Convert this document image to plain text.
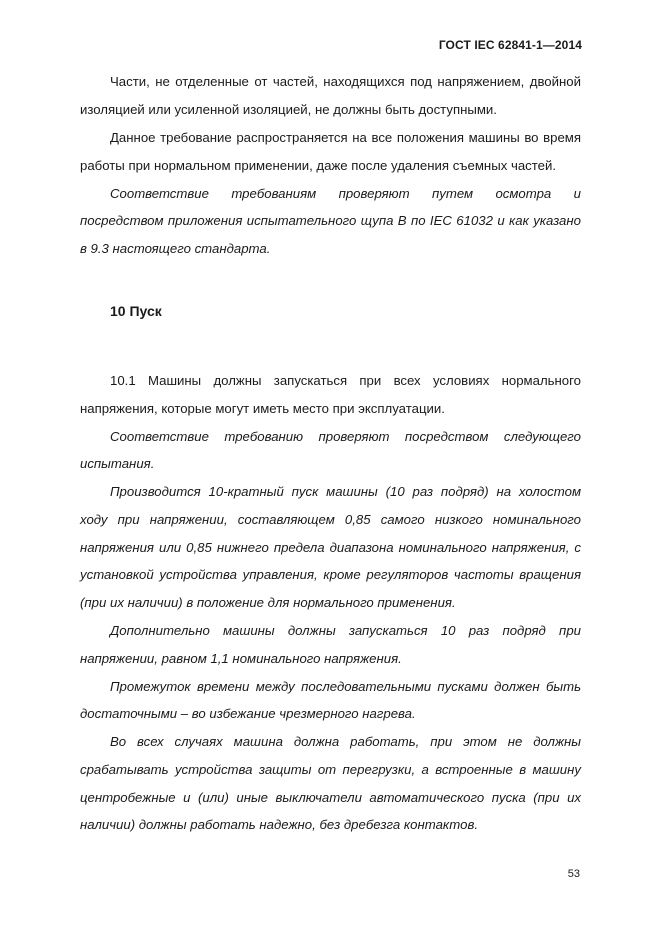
ГОСТ IEC 62841-1—2014
Части, не отделенные от частей, находящихся под напряжением, двойной
изоляцией или усиленной изоляцией, не должны быть доступными.
Данное требование распространяется на все положения машины во время
работы при нормальном применении, даже после удаления съемных частей.
Соответствие требованиям проверяют путем осмотра и
посредством приложения испытательного щупа В по IEC 61032 и как указано
в 9.3 настоящего стандарта.
10.1 Машины должны запускаться при всех условиях нормального
напряжения, которые могут иметь место при эксплуатации.
Соответствие требованию проверяют посредством следующего
испытания.
Производится 10-кратный пуск машины (10 раз подряд) на холостом
ходу при напряжении, составляющем 0,85 самого низкого номинального
напряжения или 0,85 нижнего предела диапазона номинального напряжения, с
установкой устройства управления, кроме регуляторов частоты вращения
(при их наличии) в положение для нормального применения.
Дополнительно машины должны запускаться 10 раз подряд при
напряжении, равном 1,1 номинального напряжения.
Промежуток времени между последовательными пусками должен быть
достаточными – во избежание чрезмерного нагрева.
Во всех случаях машина должна работать, при этом не должны
срабатывать устройства защиты от перегрузки, а встроенные в машину
центробежные и (или) иные выключатели автоматического пуска (при их
наличии) должны работать надежно, без дребезга контактов.
10 Пуск
53
